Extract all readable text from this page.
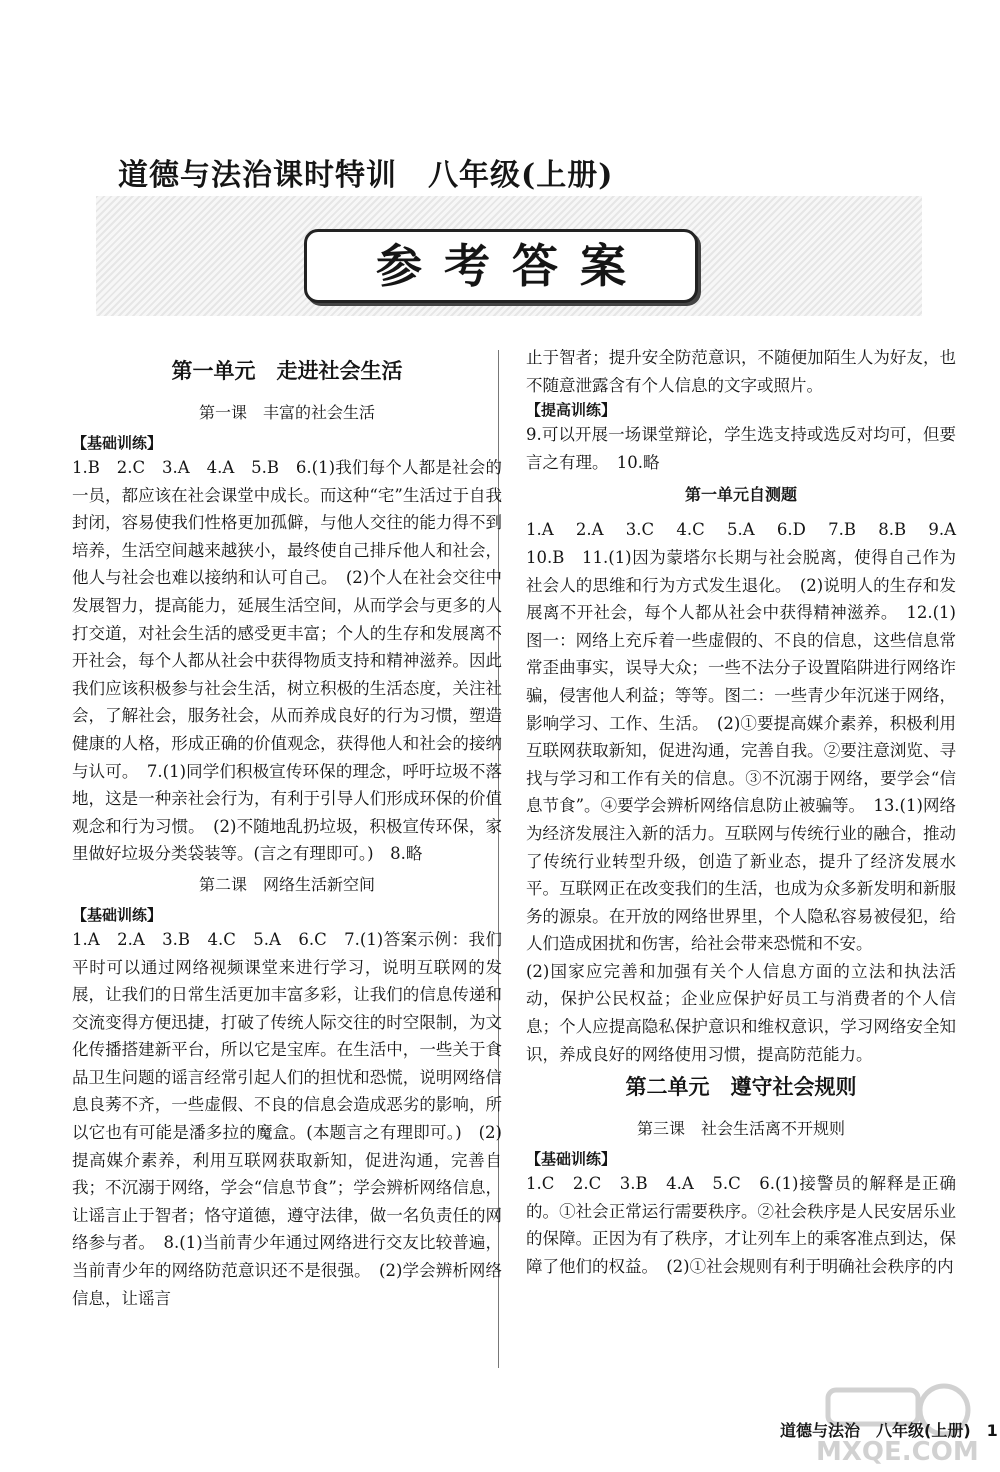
道德与法治课时特训　八年级(上册)
参考答案
第一单元　走进社会生活
第一课　丰富的社会生活
【基础训练】

1.B　2.C　3.A　4.A　5.B　6.(1)我们每个人都是社会的一员，都应该在社会课堂中成长。而这种“宅”生活过于自我封闭，容易使我们性格更加孤僻，与他人交往的能力得不到培养，生活空间越来越狭小，最终使自己排斥他人和社会，他人与社会也难以接纳和认可自己。　(2)个人在社会交往中发展智力，提高能力，延展生活空间，从而学会与更多的人打交道，对社会生活的感受更丰富；个人的生存和发展离不开社会，每个人都从社会中获得物质支持和精神滋养。因此我们应该积极参与社会生活，树立积极的生活态度，关注社会，了解社会，服务社会，从而养成良好的行为习惯，塑造健康的人格，形成正确的价值观念，获得他人和社会的接纳与认可。　7.(1)同学们积极宣传环保的理念，呼吁垃圾不落地，这是一种亲社会行为，有利于引导人们形成环保的价值观念和行为习惯。　(2)不随地乱扔垃圾，积极宣传环保，家里做好垃圾分类袋装等。(言之有理即可。)　8.略

第二课　网络生活新空间
【基础训练】

1.A　2.A　3.B　4.C　5.A　6.C　7.(1)答案示例：我们平时可以通过网络视频课堂来进行学习，说明互联网的发展，让我们的日常生活更加丰富多彩，让我们的信息传递和交流变得方便迅捷，打破了传统人际交往的时空限制，为文化传播搭建新平台，所以它是宝库。在生活中，一些关于食品卫生问题的谣言经常引起人们的担忧和恐慌，说明网络信息良莠不齐，一些虚假、不良的信息会造成恶劣的影响，所以它也有可能是潘多拉的魔盒。(本题言之有理即可。)　(2)提高媒介素养，利用互联网获取新知，促进沟通，完善自我；不沉溺于网络，学会“信息节食”；学会辨析网络信息，让谣言止于智者；恪守道德，遵守法律，做一名负责任的网络参与者。　8.(1)当前青少年通过网络进行交友比较普遍，当前青少年的网络防范意识还不是很强。　(2)学会辨析网络信息，让谣言

止于智者；提升安全防范意识，不随便加陌生人为好友，也不随意泄露含有个人信息的文字或照片。

【提高训练】

9.可以开展一场课堂辩论，学生选支持或选反对均可，但要言之有理。　10.略

第一单元自测题

1.A　2.A　3.C　4.C　5.A　6.D　7.B　8.B　9.A　10.B　11.(1)因为蒙塔尔长期与社会脱离，使得自己作为社会人的思维和行为方式发生退化。　(2)说明人的生存和发展离不开社会，每个人都从社会中获得精神滋养。　12.(1)图一：网络上充斥着一些虚假的、不良的信息，这些信息常常歪曲事实，误导大众；一些不法分子设置陷阱进行网络诈骗，侵害他人利益；等等。图二：一些青少年沉迷于网络，影响学习、工作、生活。　(2)①要提高媒介素养，积极利用互联网获取新知，促进沟通，完善自我。②要注意浏览、寻找与学习和工作有关的信息。③不沉溺于网络，要学会“信息节食”。④要学会辨析网络信息防止被骗等。　13.(1)网络为经济发展注入新的活力。互联网与传统行业的融合，推动了传统行业转型升级，创造了新业态，提升了经济发展水平。互联网正在改变我们的生活，也成为众多新发明和新服务的源泉。在开放的网络世界里，个人隐私容易被侵犯，给人们造成困扰和伤害，给社会带来恐慌和不安。

(2)国家应完善和加强有关个人信息方面的立法和执法活动，保护公民权益；企业应保护好员工与消费者的个人信息；个人应提高隐私保护意识和维权意识，学习网络安全知识，养成良好的网络使用习惯，提高防范能力。

第二单元　遵守社会规则
第三课　社会生活离不开规则
【基础训练】

1.C　2.C　3.B　4.A　5.C　6.(1)接警员的解释是正确的。①社会正常运行需要秩序。②社会秩序是人民安居乐业的保障。正因为有了秩序，才让列车上的乘客准点到达，保障了他们的权益。　(2)①社会规则有利于明确社会秩序的内

道德与法治　八年级(上册)　1
MXQE.COM
